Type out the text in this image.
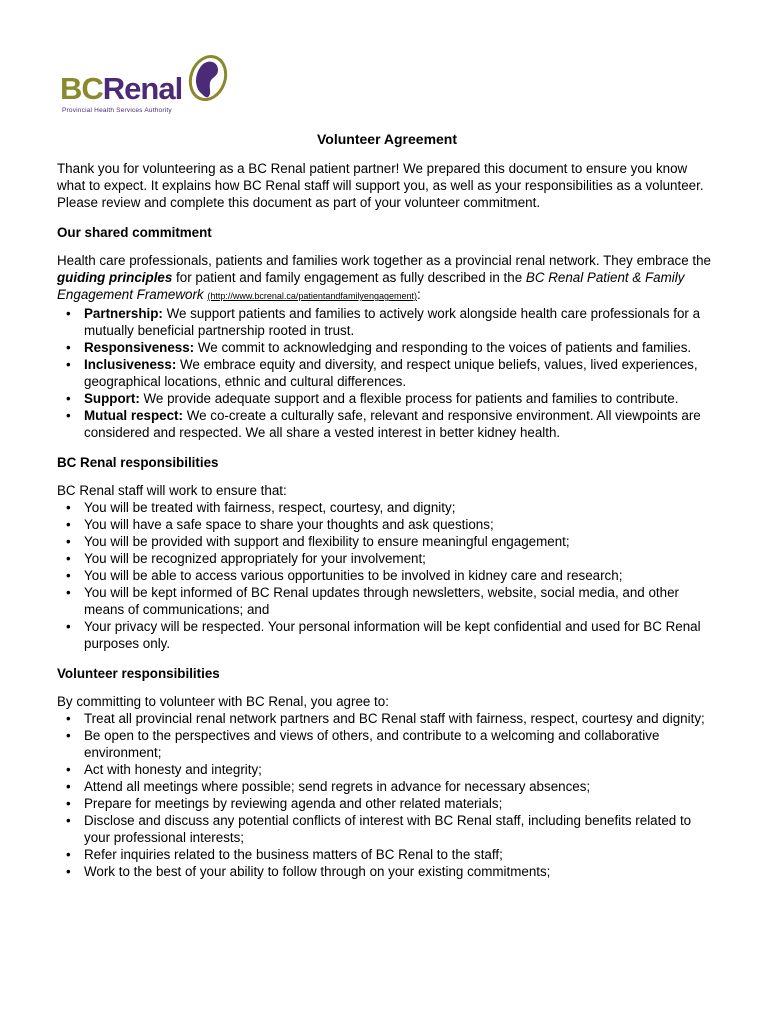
BCRenal
Provincial Health Services Authority
Volunteer Agreement

Thank you for volunteering as a BC Renal patient partner! We prepared this document to ensure you know what to expect. It explains how BC Renal staff will support you, as well as your responsibilities as a volunteer. Please review and complete this document as part of your volunteer commitment.

Our shared commitment

Health care professionals, patients and families work together as a provincial renal network. They embrace the guiding principles for patient and family engagement as fully described in the BC Renal Patient & Family Engagement Framework (http://www.bcrenal.ca/patientandfamilyengagement):

• Partnership: We support patients and families to actively work alongside health care professionals for a mutually beneficial partnership rooted in trust.
• Responsiveness: We commit to acknowledging and responding to the voices of patients and families.
• Inclusiveness: We embrace equity and diversity, and respect unique beliefs, values, lived experiences, geographical locations, ethnic and cultural differences.
• Support: We provide adequate support and a flexible process for patients and families to contribute.
• Mutual respect: We co-create a culturally safe, relevant and responsive environment. All viewpoints are considered and respected. We all share a vested interest in better kidney health.
BC Renal responsibilities

BC Renal staff will work to ensure that:

• You will be treated with fairness, respect, courtesy, and dignity;
• You will have a safe space to share your thoughts and ask questions;
• You will be provided with support and flexibility to ensure meaningful engagement;
• You will be recognized appropriately for your involvement;
• You will be able to access various opportunities to be involved in kidney care and research;
• You will be kept informed of BC Renal updates through newsletters, website, social media, and other means of communications; and
• Your privacy will be respected. Your personal information will be kept confidential and used for BC Renal purposes only.
Volunteer responsibilities

By committing to volunteer with BC Renal, you agree to:

• Treat all provincial renal network partners and BC Renal staff with fairness, respect, courtesy and dignity;
• Be open to the perspectives and views of others, and contribute to a welcoming and collaborative environment;
• Act with honesty and integrity;
• Attend all meetings where possible; send regrets in advance for necessary absences;
• Prepare for meetings by reviewing agenda and other related materials;
• Disclose and discuss any potential conflicts of interest with BC Renal staff, including benefits related to your professional interests;
• Refer inquiries related to the business matters of BC Renal to the staff;
• Work to the best of your ability to follow through on your existing commitments;
